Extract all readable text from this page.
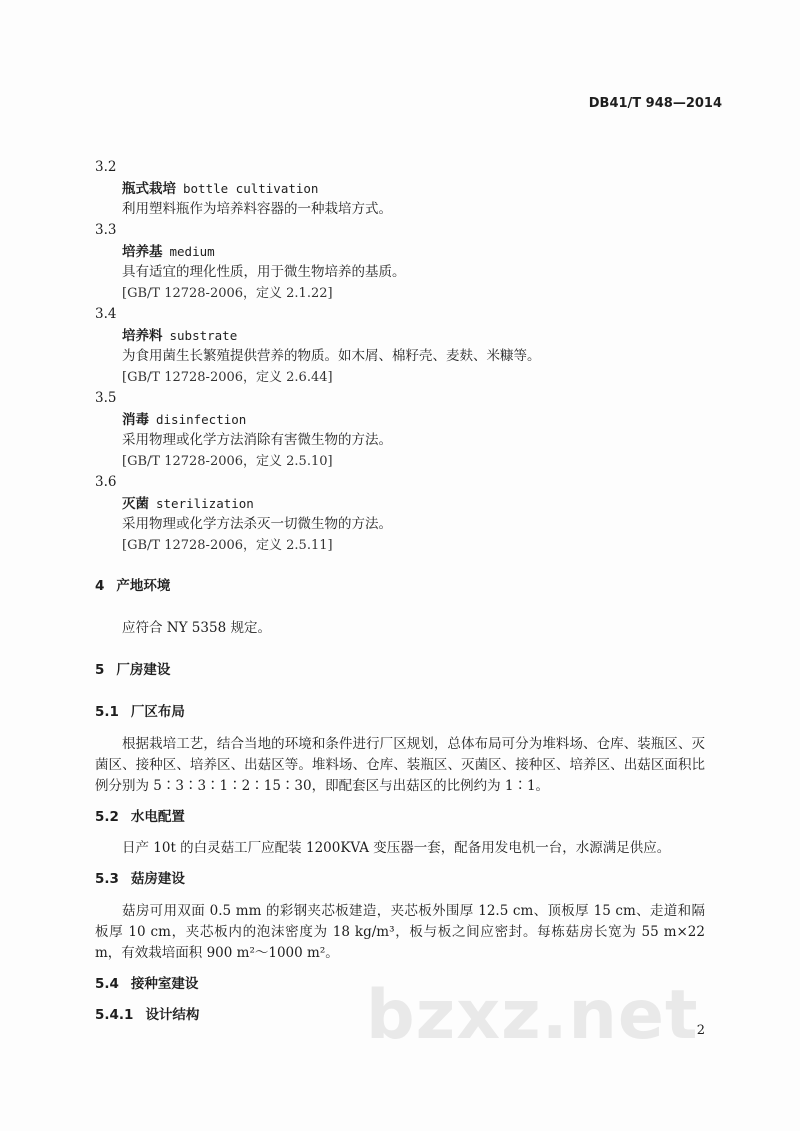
bzxz.net
DB41/T 948—2014
3.2
瓶式栽培 bottle cultivation
利用塑料瓶作为培养料容器的一种栽培方式。
3.3
培养基 medium
具有适宜的理化性质，用于微生物培养的基质。
[GB/T 12728-2006，定义 2.1.22]
3.4
培养料 substrate
为食用菌生长繁殖提供营养的物质。如木屑、棉籽壳、麦麸、米糠等。
[GB/T 12728-2006，定义 2.6.44]
3.5
消毒 disinfection
采用物理或化学方法消除有害微生物的方法。
[GB/T 12728-2006，定义 2.5.10]
3.6
灭菌 sterilization
采用物理或化学方法杀灭一切微生物的方法。
[GB/T 12728-2006，定义 2.5.11]
4 产地环境
应符合 NY 5358 规定。
5 厂房建设
5.1 厂区布局
根据栽培工艺，结合当地的环境和条件进行厂区规划，总体布局可分为堆料场、仓库、装瓶区、灭菌区、接种区、培养区、出菇区等。堆料场、仓库、装瓶区、灭菌区、接种区、培养区、出菇区面积比例分别为 5∶3∶3∶1∶2∶15∶30，即配套区与出菇区的比例约为 1∶1。
5.2 水电配置
日产 10t 的白灵菇工厂应配装 1200KVA 变压器一套，配备用发电机一台，水源满足供应。
5.3 菇房建设
菇房可用双面 0.5 mm 的彩钢夹芯板建造，夹芯板外围厚 12.5 cm、顶板厚 15 cm、走道和隔板厚 10 cm，夹芯板内的泡沫密度为 18 kg/m³，板与板之间应密封。每栋菇房长宽为 55 m×22 m，有效栽培面积 900 m²～1000 m²。
5.4 接种室建设
5.4.1 设计结构
2
